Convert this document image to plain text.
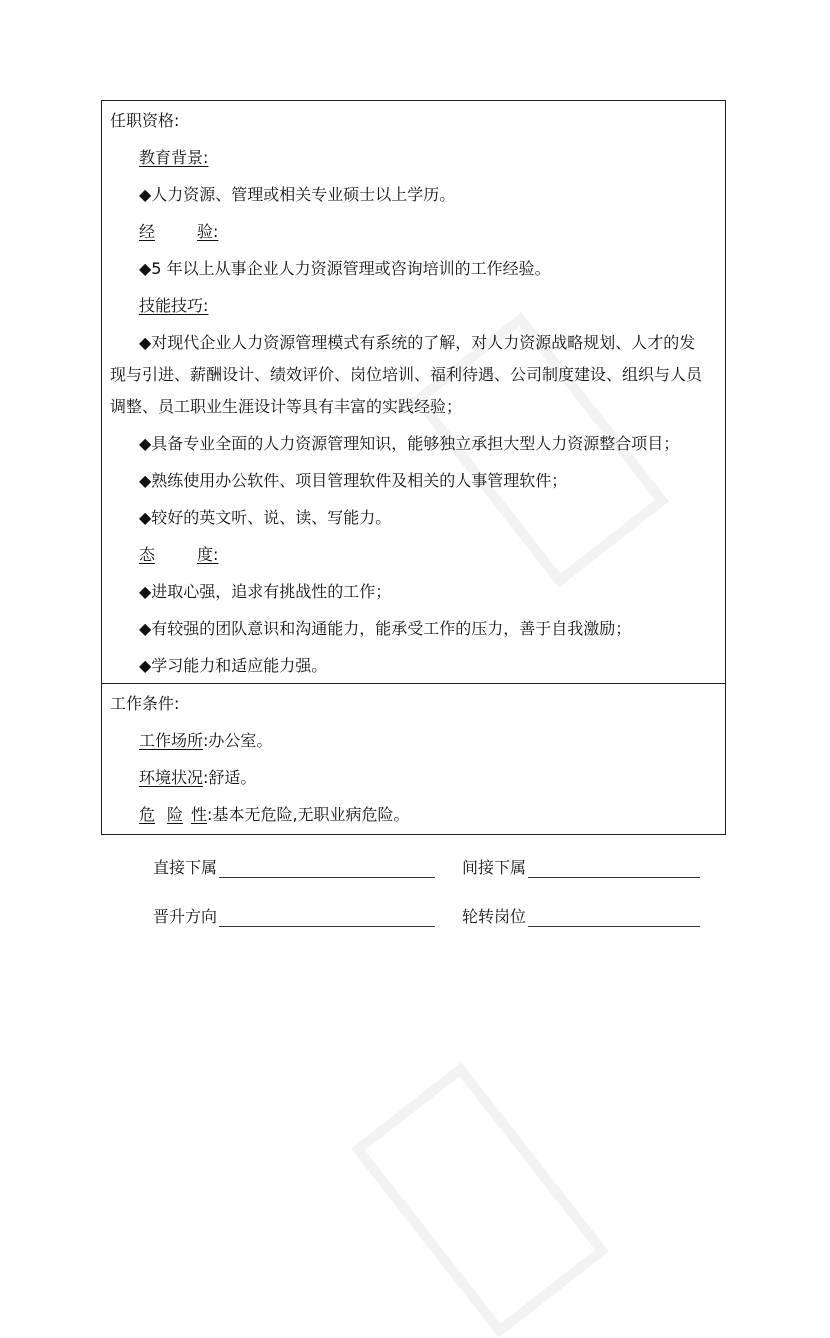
任职资格:
教育背景:
◆人力资源、管理或相关专业硕士以上学历。
经	验:
◆5 年以上从事企业人力资源管理或咨询培训的工作经验。
技能技巧:
◆对现代企业人力资源管理模式有系统的了解，对人力资源战略规划、人才的发
现与引进、薪酬设计、绩效评价、岗位培训、福利待遇、公司制度建设、组织与人员
调整、员工职业生涯设计等具有丰富的实践经验；
◆具备专业全面的人力资源管理知识，能够独立承担大型人力资源整合项目；
◆熟练使用办公软件、项目管理软件及相关的人事管理软件；
◆较好的英文听、说、读、写能力。
态	度:
◆进取心强，追求有挑战性的工作；
◆有较强的团队意识和沟通能力，能承受工作的压力，善于自我激励；
◆学习能力和适应能力强。
工作条件:
工作场所:办公室。
环境状况:舒适。
危 险 性:基本无危险,无职业病危险。
直接下属	间接下属
晋升方向	轮转岗位
